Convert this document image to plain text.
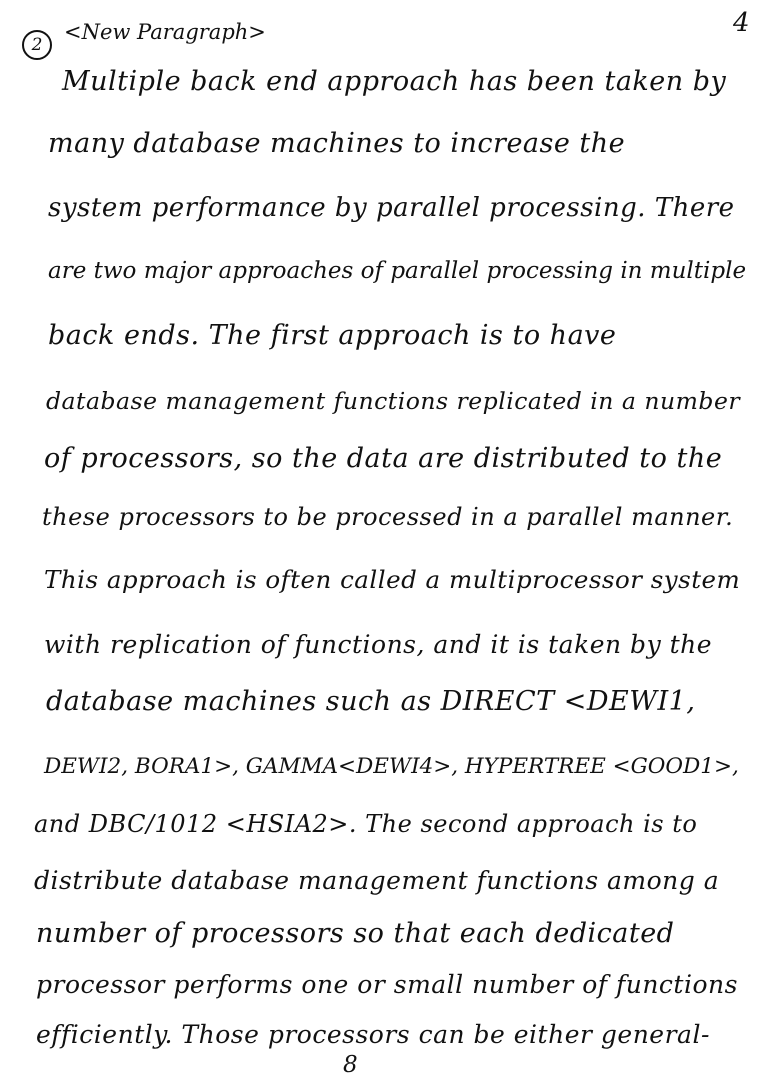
4
2
<New Paragraph>
Multiple back end approach has been taken by
many database machines to increase the
system performance by parallel processing. There
are two major approaches of parallel processing in multiple
back ends. The first approach is to have
database management functions replicated in a number
of processors, so the data are distributed to the
these processors to be processed in a parallel manner.
This approach is often called a multiprocessor system
with replication of functions, and it is taken by the
database machines such as DIRECT <DEWI1,
DEWI2, BORA1>, GAMMA<DEWI4>, HYPERTREE <GOOD1>,
and DBC/1012 <HSIA2>. The second approach is to
distribute database management functions among a
number of processors so that each dedicated
processor performs one or small number of functions
efficiently. Those processors can be either general-
8
